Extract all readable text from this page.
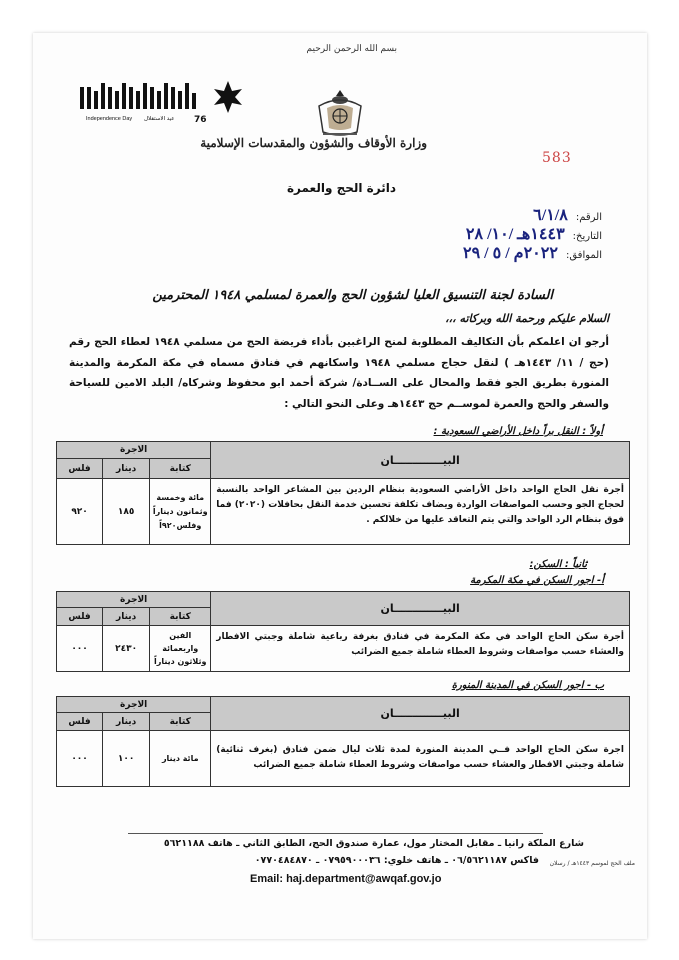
Independence Day عيد الاستقلال 76
بسم الله الرحمن الرحيم
وزارة الأوقاف والشؤون والمقدسات الإسلامية
583
دائرة الحج والعمرة
الرقم:٦/١/٨
التاريخ:١٤٤٣هـ /١٠/ ٢٨
الموافق:٢٠٢٢م / ٥ / ٢٩
السادة لجنة التنسيق العليا لشؤون الحج والعمرة لمسلمي ١٩٤٨ المحترمين
السلام عليكم ورحمة الله وبركاته ،،،
أرجو ان اعلمكم بأن التكاليف المطلوبة لمنح الراغبين بأداء فريضة الحج من مسلمي ١٩٤٨ لعطاء الحج رقم (حج / ١١/ ١٤٤٣هـ ) لنقل حجاج مسلمي ١٩٤٨ واسكانهم في فنادق مسماه في مكة المكرمة والمدينة المنورة بطريق الجو فقط والمحال على الســادة/ شركة أحمد ابو محفوظ وشركاه/ البلد الامين للسياحة والسفر والحج والعمرة لموســم حج ١٤٤٣هـ وعلى النحو التالي :
أولاً : النقل براً داخل الأراضي السعودية :
البيـــــــــــــان	الاجرة		
	كتابة	دينار	فلس
أجرة نقل الحاج الواحد داخل الأراضي السعودية بنظام الردين بين المشاعر الواحد بالنسبة لحجاج الجو وحسب المواصفات الواردة ويضاف تكلفة تحسين خدمة النقل بحافلات (٢٠٢٠) فما فوق بنظام الرد الواحد والتي يتم التعاقد عليها من خلالكم .	مائة وخمسة وثمانون ديناراً وفلس٩٢٠اً	١٨٥	٩٢٠
ثانياً : السكن:
أ- اجور السكن في مكة المكرمة
البيـــــــــــــان	الاجرة		
	كتابة	دينار	فلس
أجرة سكن الحاج الواحد في مكة المكرمة في فنادق بغرفة رباعية شاملة وجبتي الافطار والعشاء حسب مواصفات وشروط العطاء شاملة جميع الضرائب	الفين واربعمائة وثلاثون ديناراً	٢٤٣٠	٠٠٠
ب - اجور السكن في المدينة المنورة
البيـــــــــــــان	الاجرة		
	كتابة	دينار	فلس
اجرة سكن الحاج الواحد فــي المدينة المنورة لمدة ثلاث ليال ضمن فنادق (بغرف ثنائية) شاملة وجبتي الافطار والعشاء حسب مواصفات وشروط العطاء شاملة جميع الضرائب	مائة دينار	١٠٠	٠٠٠
شارع الملكة رانيا ـ مقابل المختار مول، عمارة صندوق الحج، الطابق الثاني ـ هاتف ٥٦٢١١٨٨
فاكس ٠٦/٥٦٢١١٨٧ ـ هاتف خلوي: ٠٧٩٥٩٠٠٠٣٦ ـ ٠٧٧٠٤٨٤٨٧٠
Email: haj.department@awqaf.gov.jo
ملف الحج لموسم ١٤٤٣هـ / رسلان
